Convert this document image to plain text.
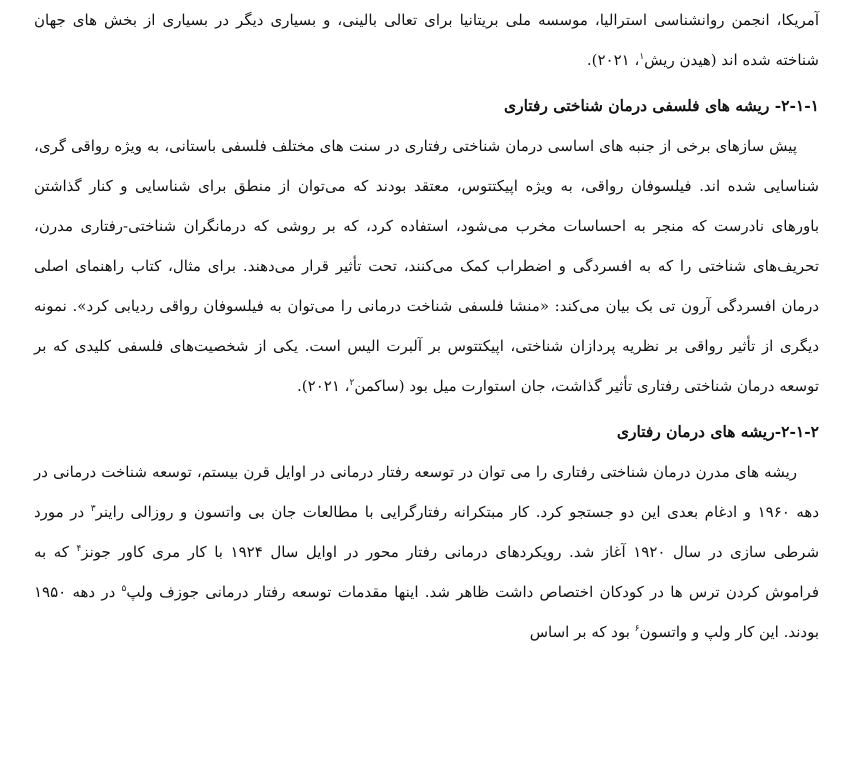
آمریکا، انجمن روانشناسی استرالیا، موسسه ملی بریتانیا برای تعالی بالینی، و بسیاری دیگر در بسیاری از بخش های جهان شناخته شده اند (هیدن ریش$^۱$، ۲۰۲۱).

۲-۱-۱- ریشه های فلسفی درمان شناختی رفتاری

پیش سازهای برخی از جنبه های اساسی درمان شناختی رفتاری در سنت های مختلف فلسفی باستانی، به ویژه رواقی گری، شناسایی شده اند. فیلسوفان رواقی، به ویژه اپیکتتوس، معتقد بودند که می‌توان از منطق برای شناسایی و کنار گذاشتن باورهای نادرست که منجر به احساسات مخرب می‌شود، استفاده کرد، که بر روشی که درمانگران شناختی-رفتاری مدرن، تحریف‌های شناختی را که به افسردگی و اضطراب کمک می‌کنند، تحت تأثیر قرار می‌دهند. برای مثال، کتاب راهنمای اصلی درمان افسردگی آرون تی بک بیان می‌کند: «منشا فلسفی شناخت درمانی را می‌توان به فیلسوفان رواقی ردیابی کرد». نمونه دیگری از تأثیر رواقی بر نظریه پردازان شناختی، اپیکتتوس بر آلبرت الیس است. یکی از شخصیت‌های فلسفی کلیدی که بر توسعه درمان شناختی رفتاری تأثیر گذاشت، جان استوارت میل بود (ساکمن$^۲$، ۲۰۲۱).

۲-۱-۲-ریشه های درمان رفتاری

ریشه های مدرن درمان شناختی رفتاری را می توان در توسعه رفتار درمانی در اوایل قرن بیستم، توسعه شناخت درمانی در دهه ۱۹۶۰ و ادغام بعدی این دو جستجو کرد. کار مبتکرانه رفتارگرایی با مطالعات جان بی واتسون و روزالی راینر$^۳$ در مورد شرطی سازی در سال ۱۹۲۰ آغاز شد. رویکردهای درمانی رفتار محور در اوایل سال ۱۹۲۴ با کار مری کاور جونز$^۴$ که به فراموش کردن ترس ها در کودکان اختصاص داشت ظاهر شد. اینها مقدمات توسعه رفتار درمانی جوزف ولپ$^۵$ در دهه ۱۹۵۰ بودند. این کار ولپ و واتسون$^۶$ بود که بر اساس
